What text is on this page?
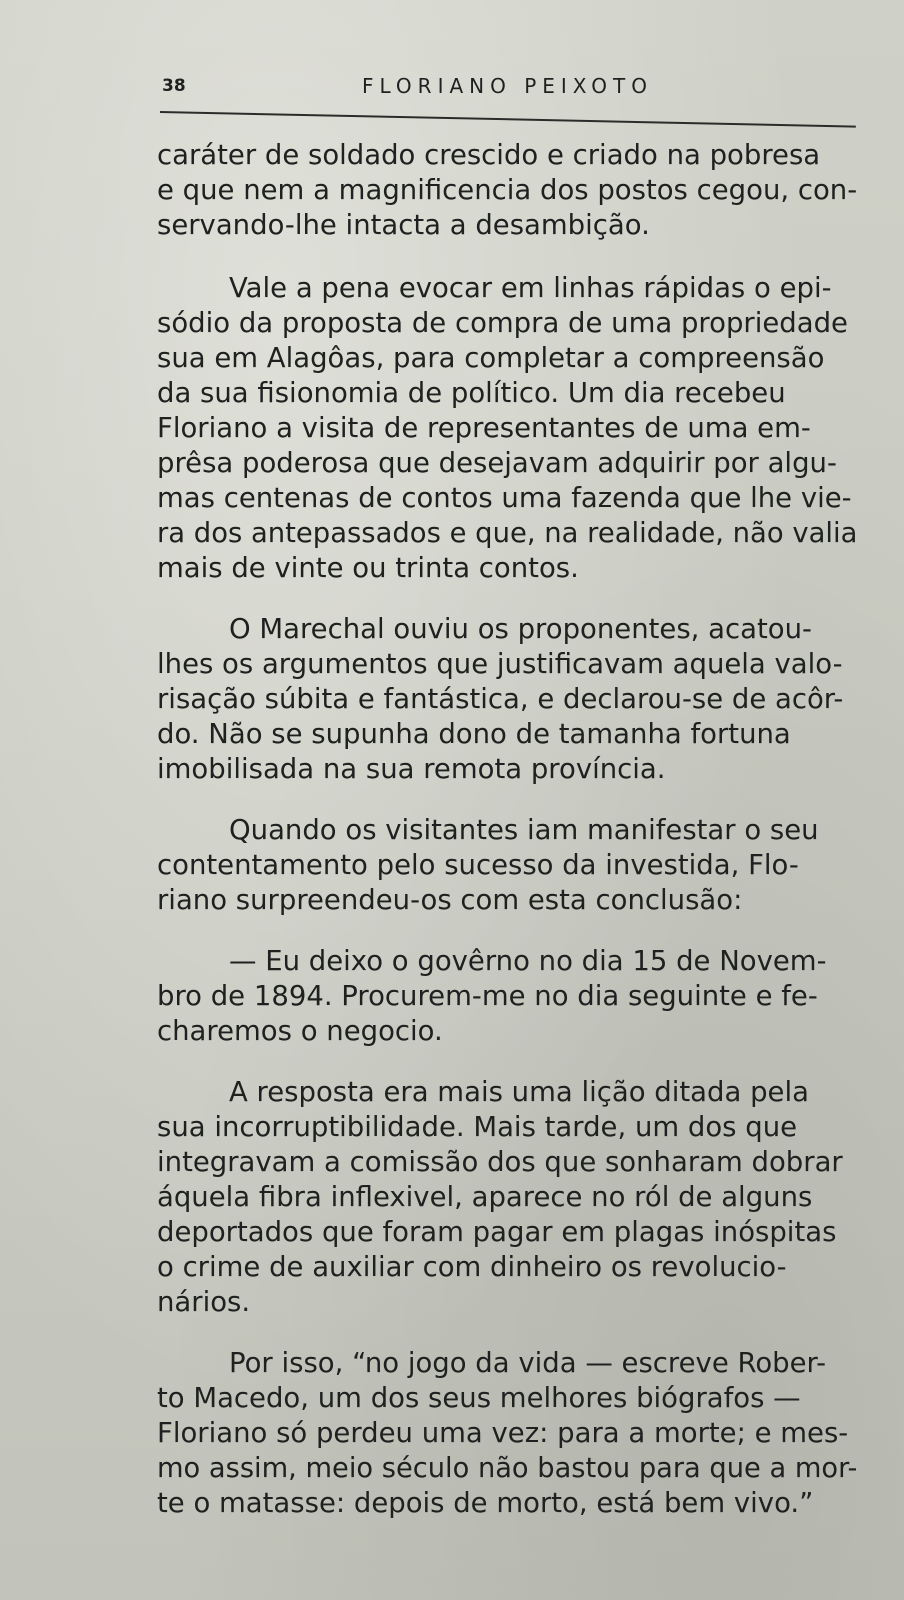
38	FLORIANO PEIXOTO

caráter de soldado crescido e criado na pobresa
e que nem a magnificencia dos postos cegou, con-
servando-lhe intacta a desambição.

Vale a pena evocar em linhas rápidas o epi-
sódio da proposta de compra de uma propriedade
sua em Alagôas, para completar a compreensão
da sua fisionomia de político. Um dia recebeu
Floriano a visita de representantes de uma em-
prêsa poderosa que desejavam adquirir por algu-
mas centenas de contos uma fazenda que lhe vie-
ra dos antepassados e que, na realidade, não valia
mais de vinte ou trinta contos.

O Marechal ouviu os proponentes, acatou-
lhes os argumentos que justificavam aquela valo-
risação súbita e fantástica, e declarou-se de acôr-
do. Não se supunha dono de tamanha fortuna
imobilisada na sua remota província.

Quando os visitantes iam manifestar o seu
contentamento pelo sucesso da investida, Flo-
riano surpreendeu-os com esta conclusão:

— Eu deixo o govêrno no dia 15 de Novem-
bro de 1894. Procurem-me no dia seguinte e fe-
charemos o negocio.

A resposta era mais uma lição ditada pela
sua incorruptibilidade. Mais tarde, um dos que
integravam a comissão dos que sonharam dobrar
áquela fibra inflexivel, aparece no ról de alguns
deportados que foram pagar em plagas inóspitas
o crime de auxiliar com dinheiro os revolucio-
nários.

Por isso, “no jogo da vida — escreve Rober-
to Macedo, um dos seus melhores biógrafos —
Floriano só perdeu uma vez: para a morte; e mes-
mo assim, meio século não bastou para que a mor-
te o matasse: depois de morto, está bem vivo.”
